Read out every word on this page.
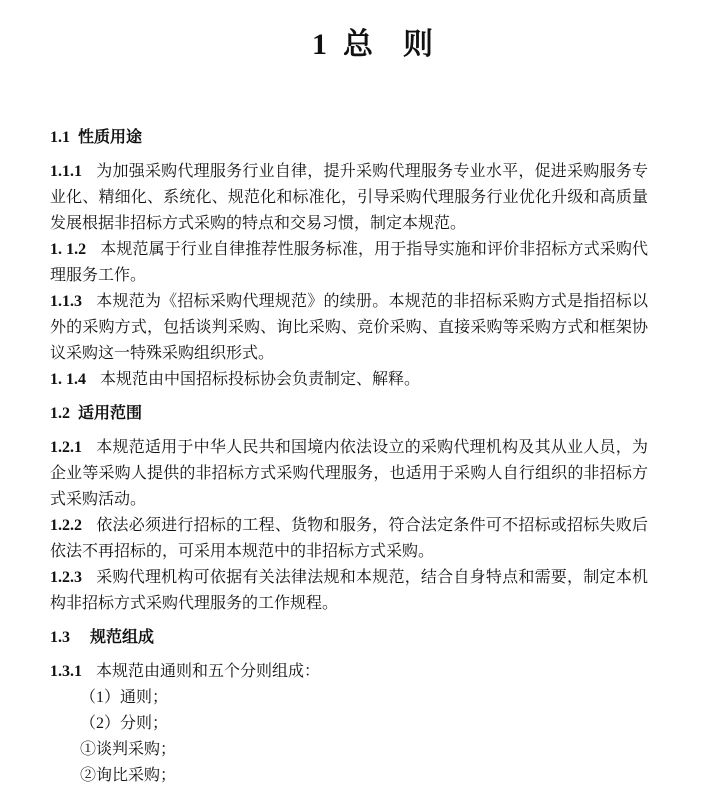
1 总则
1.1 性质用途

1.1.1 为加强采购代理服务行业自律，提升采购代理服务专业水平，促进采购服务专业化、精细化、系统化、规范化和标准化，引导采购代理服务行业优化升级和高质量发展根据非招标方式采购的特点和交易习惯，制定本规范。

1. 1.2 本规范属于行业自律推荐性服务标准，用于指导实施和评价非招标方式采购代理服务工作。

1.1.3 本规范为《招标采购代理规范》的续册。本规范的非招标采购方式是指招标以外的采购方式，包括谈判采购、询比采购、竞价采购、直接采购等采购方式和框架协议采购这一特殊采购组织形式。

1. 1.4 本规范由中国招标投标协会负责制定、解释。

1.2 适用范围

1.2.1 本规范适用于中华人民共和国境内依法设立的采购代理机构及其从业人员，为企业等采购人提供的非招标方式采购代理服务，也适用于采购人自行组织的非招标方式采购活动。

1.2.2 依法必须进行招标的工程、货物和服务，符合法定条件可不招标或招标失败后依法不再招标的，可采用本规范中的非招标方式采购。

1.2.3 采购代理机构可依据有关法律法规和本规范，结合自身特点和需要，制定本机构非招标方式采购代理服务的工作规程。

1.3 规范组成

1.3.1 本规范由通则和五个分则组成：

（1）通则；

（2）分则；

①谈判采购；

②询比采购；
